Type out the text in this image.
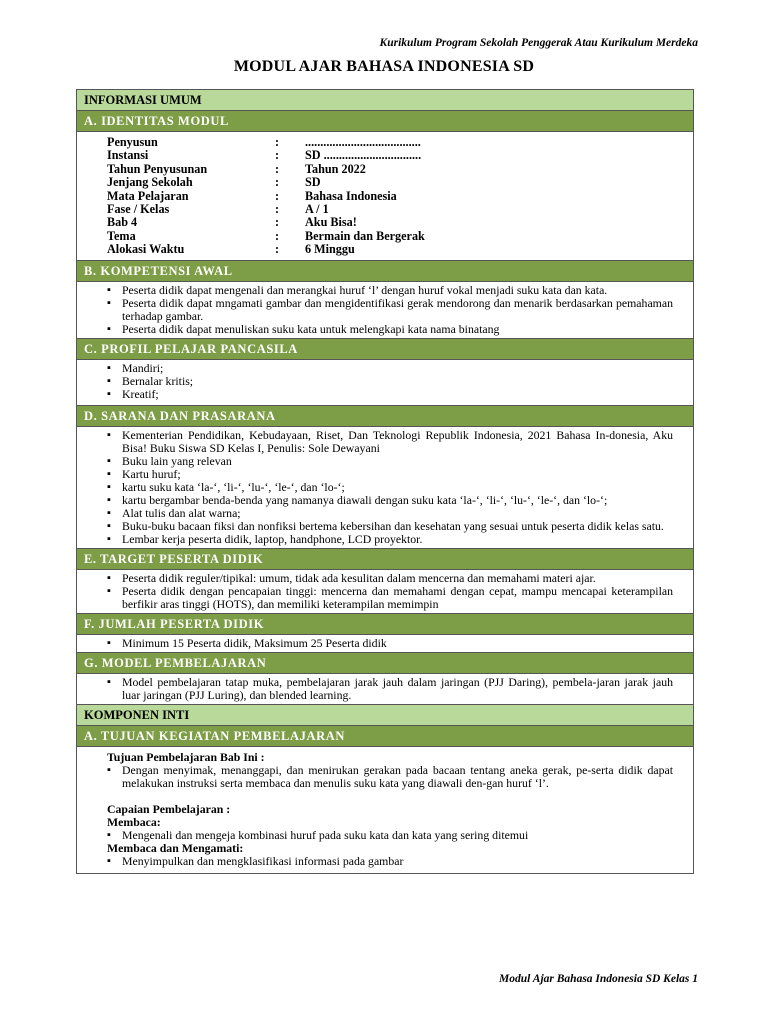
Kurikulum Program Sekolah Penggerak Atau Kurikulum Merdeka
MODUL AJAR BAHASA INDONESIA SD
INFORMASI UMUM
A. IDENTITAS MODUL
Penyusun	:	......................................
Instansi	:	SD ................................
Tahun Penyusunan	:	Tahun 2022
Jenjang Sekolah	:	SD
Mata Pelajaran	:	Bahasa Indonesia
Fase / Kelas	:	A / 1
Bab 4	:	Aku Bisa!
Tema	:	Bermain dan Bergerak
Alokasi Waktu	:	6 Minggu
B. KOMPETENSI AWAL
▪ Peserta didik dapat mengenali dan merangkai huruf ‘l’ dengan huruf vokal menjadi suku kata dan kata.
▪ Peserta didik dapat mngamati gambar dan mengidentifikasi gerak mendorong dan menarik berdasarkan pemahaman terhadap gambar.
▪ Peserta didik dapat menuliskan suku kata untuk melengkapi kata nama binatang
C. PROFIL PELAJAR PANCASILA
▪ Mandiri;
▪ Bernalar kritis;
▪ Kreatif;
D. SARANA DAN PRASARANA
▪ Kementerian Pendidikan, Kebudayaan, Riset, Dan Teknologi Republik Indonesia, 2021 Bahasa In-donesia, Aku Bisa! Buku Siswa SD Kelas I, Penulis: Sole Dewayani
▪ Buku lain yang relevan
▪ Kartu huruf;
▪ kartu suku kata ‘la-‘, ‘li-‘, ‘lu-‘, ‘le-‘, dan ‘lo-‘;
▪ kartu bergambar benda-benda yang namanya diawali dengan suku kata ‘la-‘, ‘li-‘, ‘lu-‘, ‘le-‘, dan ‘lo-‘;
▪ Alat tulis dan alat warna;
▪ Buku-buku bacaan fiksi dan nonfiksi bertema kebersihan dan kesehatan yang sesuai untuk peserta didik kelas satu.
▪ Lembar kerja peserta didik, laptop, handphone, LCD proyektor.
E. TARGET PESERTA DIDIK
▪ Peserta didik reguler/tipikal: umum, tidak ada kesulitan dalam mencerna dan memahami materi ajar.
▪ Peserta didik dengan pencapaian tinggi: mencerna dan memahami dengan cepat, mampu mencapai keterampilan berfikir aras tinggi (HOTS), dan memiliki keterampilan memimpin
F. JUMLAH PESERTA DIDIK
▪ Minimum 15 Peserta didik, Maksimum 25 Peserta didik
G. MODEL PEMBELAJARAN
▪ Model pembelajaran tatap muka, pembelajaran jarak jauh dalam jaringan (PJJ Daring), pembela-jaran jarak jauh luar jaringan (PJJ Luring), dan blended learning.
KOMPONEN INTI
A. TUJUAN KEGIATAN PEMBELAJARAN
Tujuan Pembelajaran Bab Ini :
▪ Dengan menyimak, menanggapi, dan menirukan gerakan pada bacaan tentang aneka gerak, pe-serta didik dapat melakukan instruksi serta membaca dan menulis suku kata yang diawali den-gan huruf ‘l’.
Capaian Pembelajaran :
Membaca:
▪ Mengenali dan mengeja kombinasi huruf pada suku kata dan kata yang sering ditemui
Membaca dan Mengamati:
▪ Menyimpulkan dan mengklasifikasi informasi pada gambar
Modul Ajar Bahasa Indonesia SD Kelas 1
